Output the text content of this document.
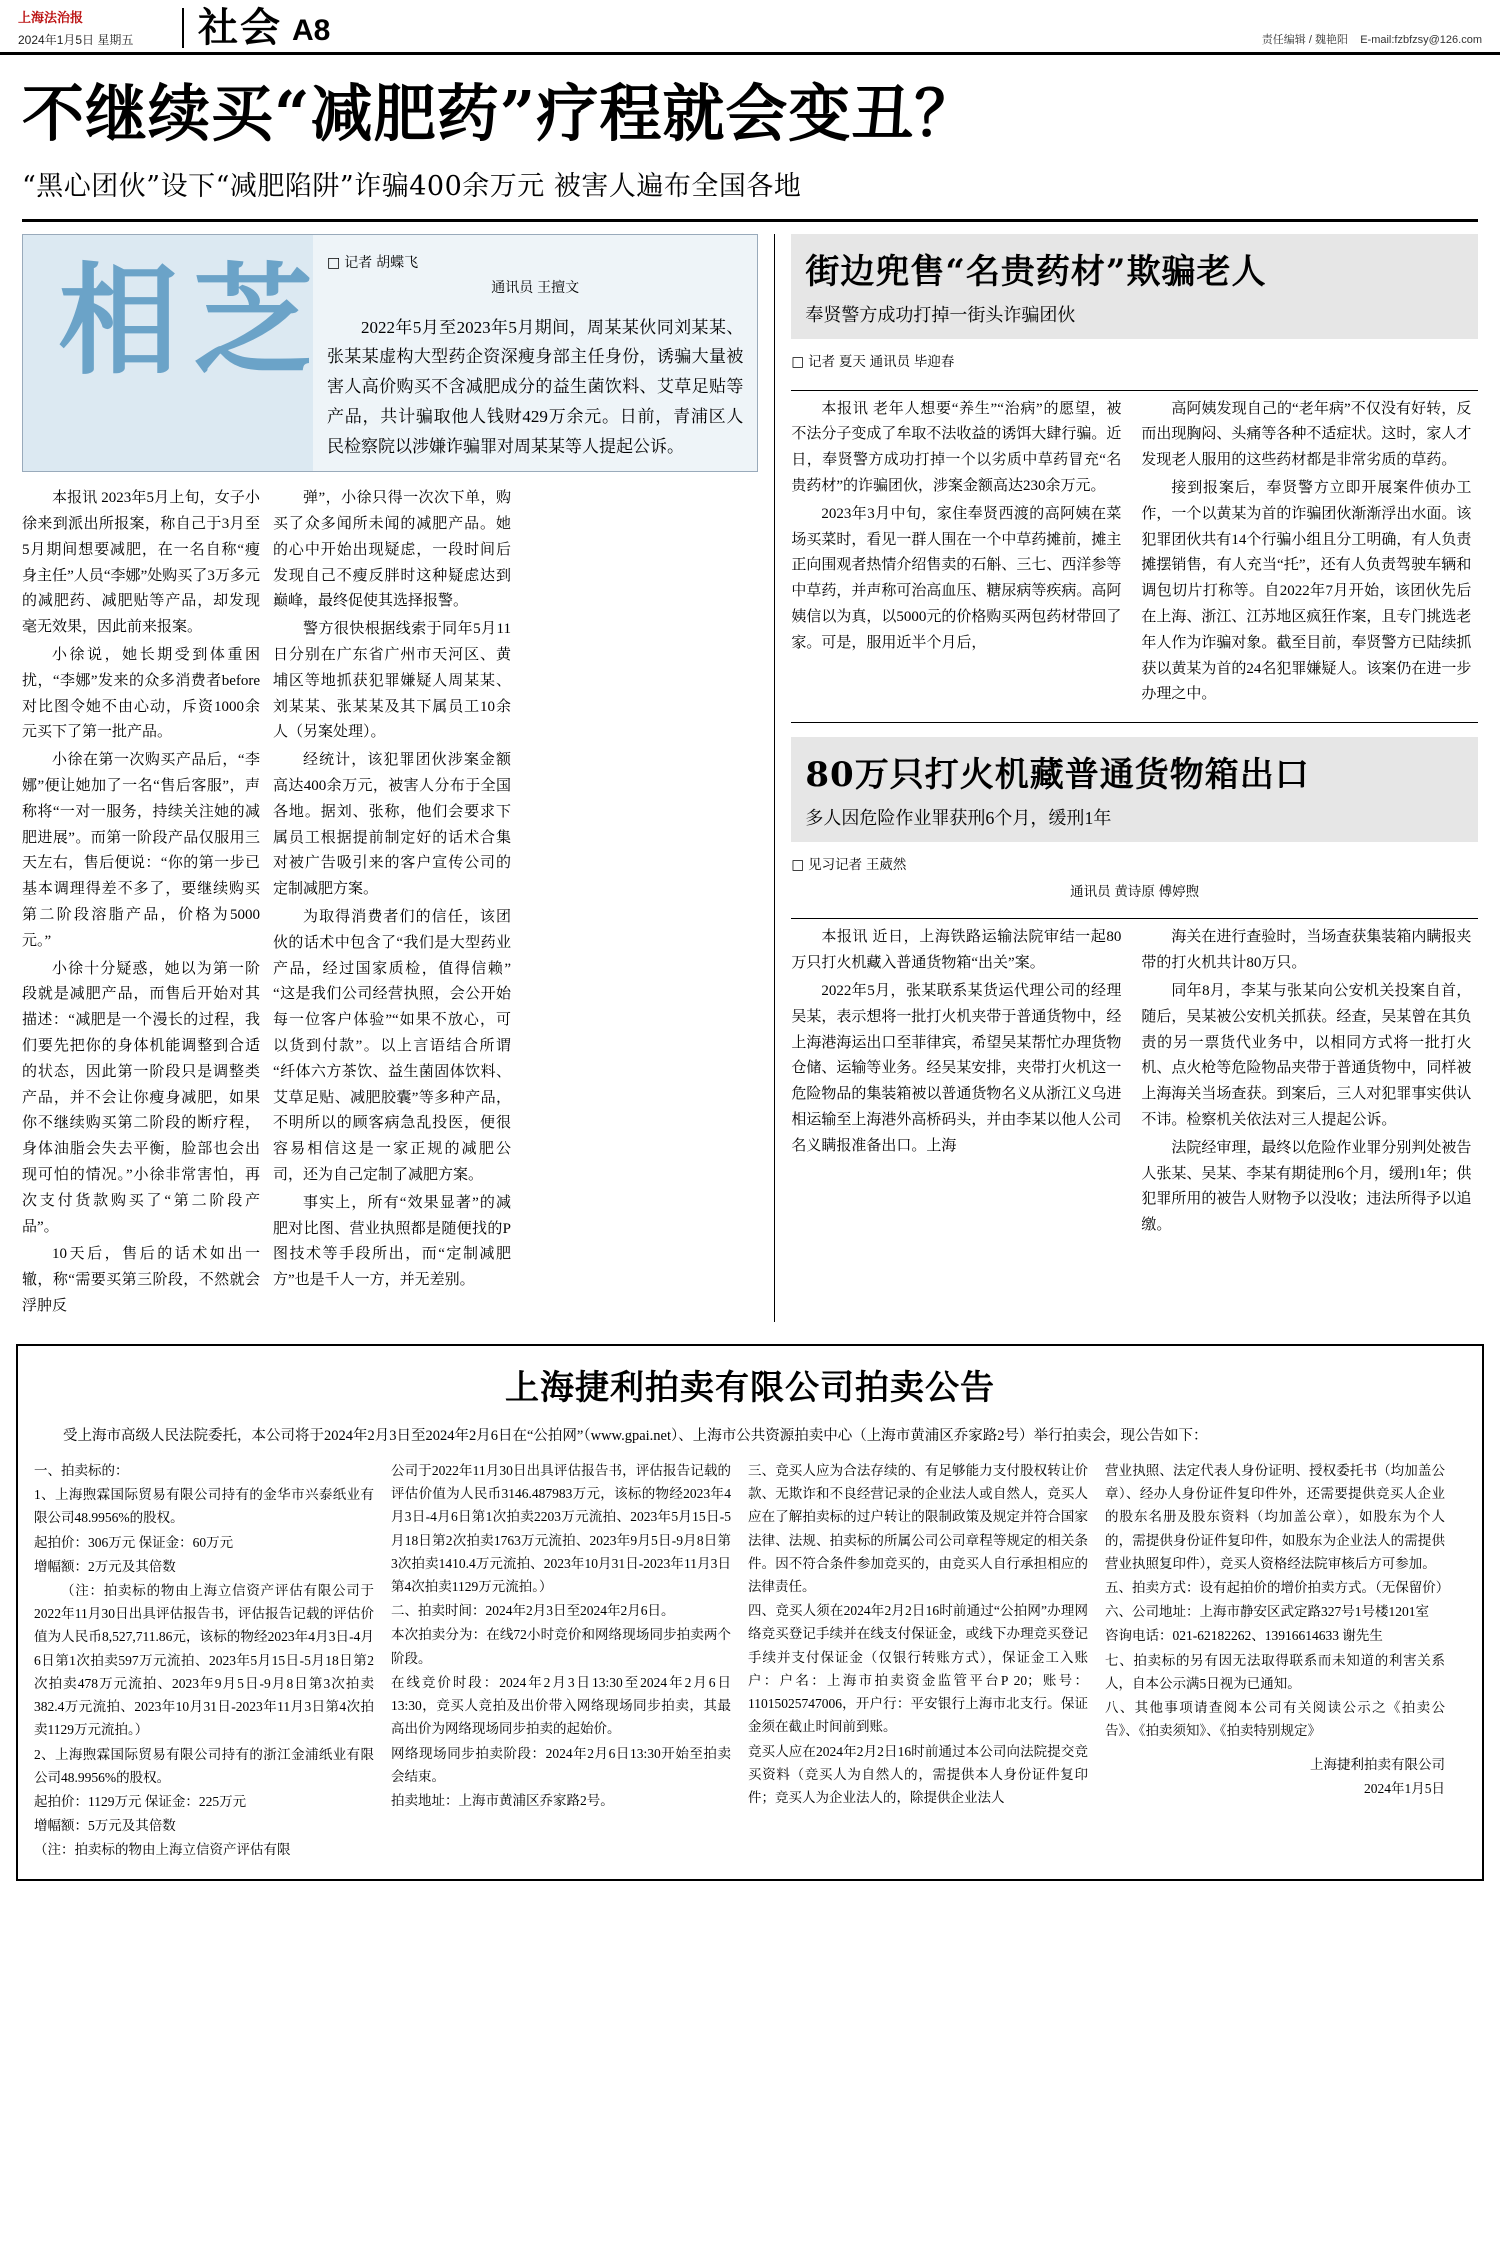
上海法治报
2024年1月5日 星期五	社会 A8	责任编辑 / 魏艳阳 E-mail:fzbfzsy@126.com
不继续买“减肥药”疗程就会变丑？
“黑心团伙”设下“减肥陷阱”诈骗400余万元 被害人遍布全国各地
芝相	□ 记者 胡蝶飞
通讯员 王擅文
2022年5月至2023年5月期间，周某某伙同刘某某、张某某虚构大型药企资深瘦身部主任身份，诱骗大量被害人高价购买不含减肥成分的益生菌饮料、艾草足贴等产品，共计骗取他人钱财429万余元。日前，青浦区人民检察院以涉嫌诈骗罪对周某某等人提起公诉。

本报讯 2023年5月上旬，女子小徐来到派出所报案，称自己于3月至5月期间想要减肥，在一名自称“瘦身主任”人员“李娜”处购买了3万多元的减肥药、减肥贴等产品，却发现毫无效果，因此前来报案。

小徐说，她长期受到体重困扰，“李娜”发来的众多消费者before对比图令她不由心动，斥资1000余元买下了第一批产品。

小徐在第一次购买产品后，“李娜”便让她加了一名“售后客服”，声称将“一对一服务，持续关注她的减肥进展”。而第一阶段产品仅服用三天左右，售后便说：“你的第一步已基本调理得差不多了，要继续购买第二阶段溶脂产品，价格为5000元。”

小徐十分疑惑，她以为第一阶段就是减肥产品，而售后开始对其描述：“减肥是一个漫长的过程，我们要先把你的身体机能调整到合适的状态，因此第一阶段只是调整类产品，并不会让你瘦身减肥，如果你不继续购买第二阶段的断疗程，身体油脂会失去平衡，脸部也会出现可怕的情况。”小徐非常害怕，再次支付货款购买了“第二阶段产品”。

10天后，售后的话术如出一辙，称“需要买第三阶段，不然就会浮肿反

弹”，小徐只得一次次下单，购买了众多闻所未闻的减肥产品。她的心中开始出现疑虑，一段时间后发现自己不瘦反胖时这种疑虑达到巅峰，最终促使其选择报警。

警方很快根据线索于同年5月11日分别在广东省广州市天河区、黄埔区等地抓获犯罪嫌疑人周某某、刘某某、张某某及其下属员工10余人（另案处理）。

经统计，该犯罪团伙涉案金额高达400余万元，被害人分布于全国各地。据刘、张称，他们会要求下属员工根据提前制定好的话术合集对被广告吸引来的客户宣传公司的定制减肥方案。

为取得消费者们的信任，该团伙的话术中包含了“我们是大型药业产品，经过国家质检，值得信赖”“这是我们公司经营执照，会公开始每一位客户体验”“如果不放心，可以货到付款”。以上言语结合所谓“纤体六方茶饮、益生菌固体饮料、艾草足贴、减肥胶囊”等多种产品，不明所以的顾客病急乱投医，便很容易相信这是一家正规的减肥公司，还为自己定制了减肥方案。

事实上，所有“效果显著”的减肥对比图、营业执照都是随便找的P图技术等手段所出，而“定制减肥方”也是千人一方，并无差别。

街边兜售“名贵药材”欺骗老人
奉贤警方成功打掉一街头诈骗团伙
□ 记者 夏天 通讯员 毕迎春

本报讯 老年人想要“养生”“治病”的愿望，被不法分子变成了牟取不法收益的诱饵大肆行骗。近日，奉贤警方成功打掉一个以劣质中草药冒充“名贵药材”的诈骗团伙，涉案金额高达230余万元。

2023年3月中旬，家住奉贤西渡的高阿姨在菜场买菜时，看见一群人围在一个中草药摊前，摊主正向围观者热情介绍售卖的石斛、三七、西洋参等中草药，并声称可治高血压、糖尿病等疾病。高阿姨信以为真，以5000元的价格购买两包药材带回了家。可是，服用近半个月后，

高阿姨发现自己的“老年病”不仅没有好转，反而出现胸闷、头痛等各种不适症状。这时，家人才发现老人服用的这些药材都是非常劣质的草药。

接到报案后，奉贤警方立即开展案件侦办工作，一个以黄某为首的诈骗团伙渐渐浮出水面。该犯罪团伙共有14个行骗小组且分工明确，有人负责摊摆销售，有人充当“托”，还有人负责驾驶车辆和调包切片打称等。自2022年7月开始，该团伙先后在上海、浙江、江苏地区疯狂作案，且专门挑选老年人作为诈骗对象。截至目前，奉贤警方已陆续抓获以黄某为首的24名犯罪嫌疑人。该案仍在进一步办理之中。

80万只打火机藏普通货物箱出口
多人因危险作业罪获刑6个月，缓刑1年
□ 见习记者 王葳然
通讯员 黄诗原 傅婷煦

本报讯 近日，上海铁路运输法院审结一起80万只打火机藏入普通货物箱“出关”案。

2022年5月，张某联系某货运代理公司的经理吴某，表示想将一批打火机夹带于普通货物中，经上海港海运出口至菲律宾，希望吴某帮忙办理货物仓储、运输等业务。经吴某安排，夹带打火机这一危险物品的集装箱被以普通货物名义从浙江义乌进相运输至上海港外高桥码头，并由李某以他人公司名义瞒报准备出口。上海

海关在进行查验时，当场查获集装箱内瞒报夹带的打火机共计80万只。

同年8月，李某与张某向公安机关投案自首，随后，吴某被公安机关抓获。经查，吴某曾在其负责的另一票货代业务中，以相同方式将一批打火机、点火枪等危险物品夹带于普通货物中，同样被上海海关当场查获。到案后，三人对犯罪事实供认不讳。检察机关依法对三人提起公诉。

法院经审理，最终以危险作业罪分别判处被告人张某、吴某、李某有期徒刑6个月，缓刑1年；供犯罪所用的被告人财物予以没收；违法所得予以追缴。

上海捷利拍卖有限公司拍卖公告
受上海市高级人民法院委托，本公司将于2024年2月3日至2024年2月6日在“公拍网”（www.gpai.net）、上海市公共资源拍卖中心（上海市黄浦区乔家路2号）举行拍卖会，现公告如下：

一、拍卖标的：

1、上海煦霖国际贸易有限公司持有的金华市兴泰纸业有限公司48.9956%的股权。

起拍价：306万元 保证金：60万元

增幅额：2万元及其倍数

（注：拍卖标的物由上海立信资产评估有限公司于2022年11月30日出具评估报告书，评估报告记载的评估价值为人民币8,527,711.86元，该标的物经2023年4月3日-4月6日第1次拍卖597万元流拍、2023年5月15日-5月18日第2次拍卖478万元流拍、2023年9月5日-9月8日第3次拍卖382.4万元流拍、2023年10月31日-2023年11月3日第4次拍卖1129万元流拍。）

2、上海煦霖国际贸易有限公司持有的浙江金浦纸业有限公司48.9956%的股权。

起拍价：1129万元 保证金：225万元

增幅额：5万元及其倍数

（注：拍卖标的物由上海立信资产评估有限

公司于2022年11月30日出具评估报告书，评估报告记载的评估价值为人民币3146.487983万元，该标的物经2023年4月3日-4月6日第1次拍卖2203万元流拍、2023年5月15日-5月18日第2次拍卖1763万元流拍、2023年9月5日-9月8日第3次拍卖1410.4万元流拍、2023年10月31日-2023年11月3日第4次拍卖1129万元流拍。）

二、拍卖时间：2024年2月3日至2024年2月6日。

本次拍卖分为：在线72小时竞价和网络现场同步拍卖两个阶段。

在线竞价时段：2024年2月3日13:30至2024年2月6日13:30，竞买人竞拍及出价带入网络现场同步拍卖，其最高出价为网络现场同步拍卖的起始价。

网络现场同步拍卖阶段：2024年2月6日13:30开始至拍卖会结束。

拍卖地址：上海市黄浦区乔家路2号。

三、竞买人应为合法存续的、有足够能力支付股权转让价款、无欺诈和不良经营记录的企业法人或自然人，竞买人应在了解拍卖标的过户转让的限制政策及规定并符合国家法律、法规、拍卖标的所属公司公司章程等规定的相关条件。因不符合条件参加竞买的，由竞买人自行承担相应的法律责任。

四、竞买人须在2024年2月2日16时前通过“公拍网”办理网络竞买登记手续并在线支付保证金，或线下办理竞买登记手续并支付保证金（仅银行转账方式），保证金工入账户：户名：上海市拍卖资金监管平台P 20；账号：11015025747006，开户行：平安银行上海市北支行。保证金须在截止时间前到账。

竞买人应在2024年2月2日16时前通过本公司向法院提交竞买资料（竞买人为自然人的，需提供本人身份证件复印件；竞买人为企业法人的，除提供企业法人

营业执照、法定代表人身份证明、授权委托书（均加盖公章）、经办人身份证件复印件外，还需要提供竞买人企业的股东名册及股东资料（均加盖公章），如股东为个人的，需提供身份证件复印件，如股东为企业法人的需提供营业执照复印件），竞买人资格经法院审核后方可参加。

五、拍卖方式：设有起拍价的增价拍卖方式。（无保留价）

六、公司地址：上海市静安区武定路327号1号楼1201室

咨询电话：021-62182262、13916614633 谢先生

七、拍卖标的另有因无法取得联系而未知道的利害关系人，自本公示满5日视为已通知。

八、其他事项请查阅本公司有关阅读公示之《拍卖公告》、《拍卖须知》、《拍卖特别规定》

上海捷利拍卖有限公司
2024年1月5日
